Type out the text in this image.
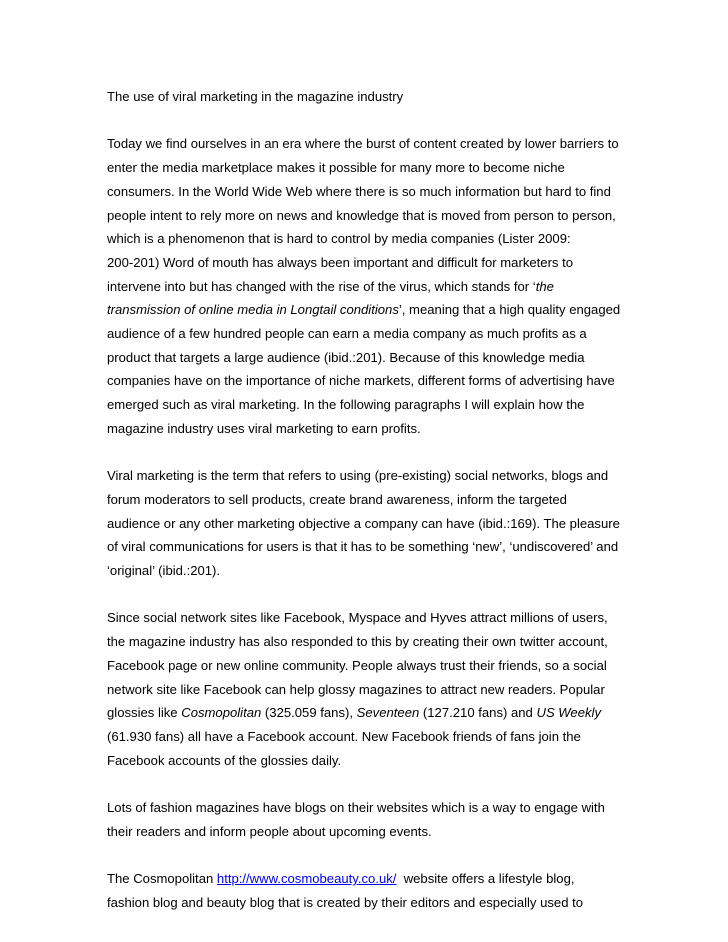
The use of viral marketing in the magazine industry
Today we find ourselves in an era where the burst of content created by lower barriers to
enter the media marketplace makes it possible for many more to become niche
consumers. In the World Wide Web where there is so much information but hard to find
people intent to rely more on news and knowledge that is moved from person to person,
which is a phenomenon that is hard to control by media companies (Lister 2009:
200-201) Word of mouth has always been important and difficult for marketers to
intervene into but has changed with the rise of the virus, which stands for ‘the
transmission of online media in Longtail conditions’, meaning that a high quality engaged
audience of a few hundred people can earn a media company as much profits as a
product that targets a large audience (ibid.:201). Because of this knowledge media
companies have on the importance of niche markets, different forms of advertising have
emerged such as viral marketing. In the following paragraphs I will explain how the
magazine industry uses viral marketing to earn profits.
Viral marketing is the term that refers to using (pre-existing) social networks, blogs and
forum moderators to sell products, create brand awareness, inform the targeted
audience or any other marketing objective a company can have (ibid.:169). The pleasure
of viral communications for users is that it has to be something ‘new’, ‘undiscovered’ and
‘original’ (ibid.:201).
Since social network sites like Facebook, Myspace and Hyves attract millions of users,
the magazine industry has also responded to this by creating their own twitter account,
Facebook page or new online community. People always trust their friends, so a social
network site like Facebook can help glossy magazines to attract new readers. Popular
glossies like Cosmopolitan (325.059 fans), Seventeen (127.210 fans) and US Weekly
(61.930 fans) all have a Facebook account. New Facebook friends of fans join the
Facebook accounts of the glossies daily.
Lots of fashion magazines have blogs on their websites which is a way to engage with
their readers and inform people about upcoming events.
The Cosmopolitan http://www.cosmobeauty.co.uk/  website offers a lifestyle blog,
fashion blog and beauty blog that is created by their editors and especially used to
